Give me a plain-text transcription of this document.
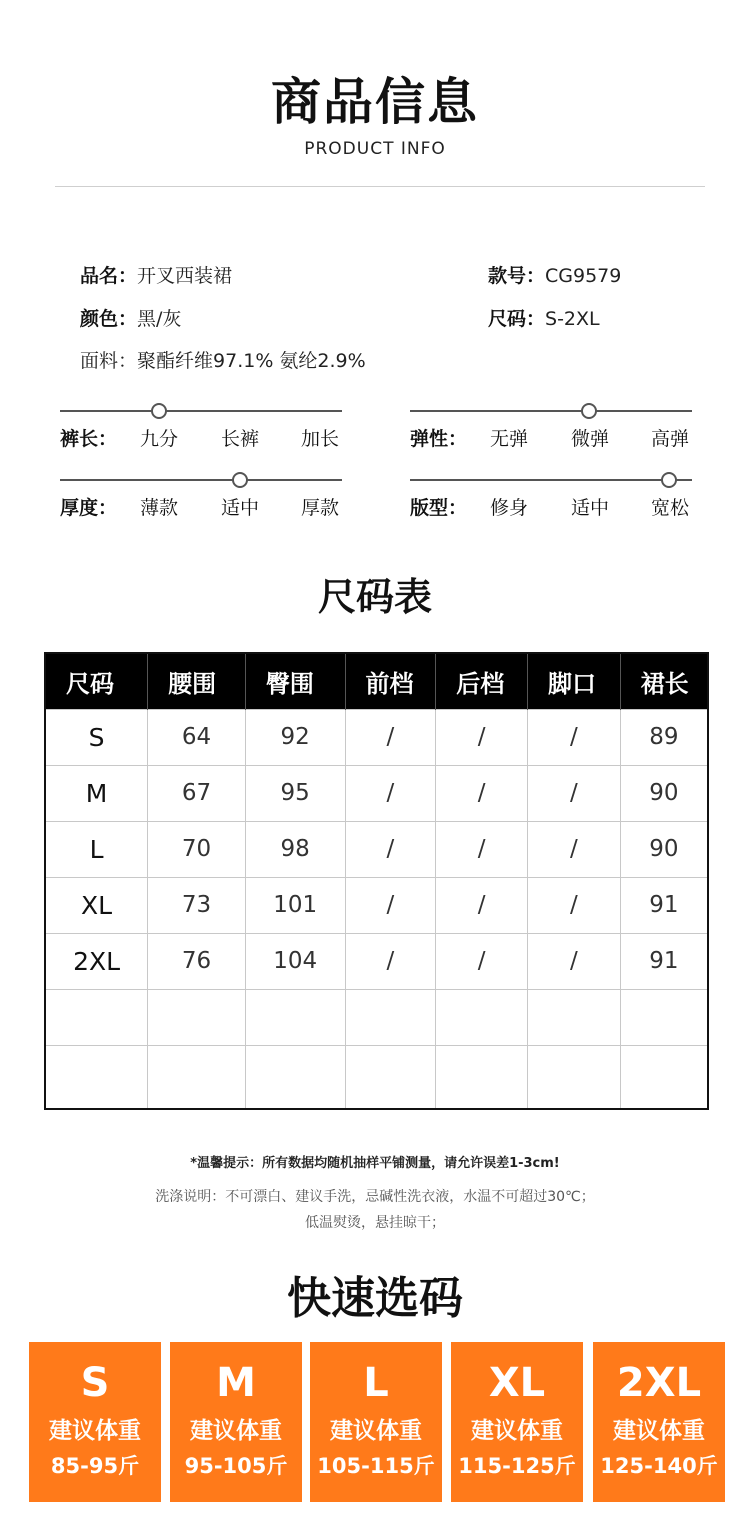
商品信息
PRODUCT INFO
品名：开叉西装裙	款号：CG9579
颜色：黑/灰	尺码：S-2XL
面料：聚酯纤维97.1% 氨纶2.9%
裤长： 九分 长裤 加长	弹性： 无弹 微弹 高弹
厚度： 薄款 适中 厚款	版型： 修身 适中 宽松
尺码表
尺码	腰围	臀围	前档	后档	脚口	裙长
S	64	92	/	/	/	89
M	67	95	/	/	/	90
L	70	98	/	/	/	90
XL	73	101	/	/	/	91
2XL	76	104	/	/	/	91

*温馨提示：所有数据均随机抽样平铺测量，请允许误差1-3cm!
洗涤说明：不可漂白、建议手洗，忌碱性洗衣液，水温不可超过30℃；
低温熨烫，悬挂晾干；
快速选码
S
建议体重
85-95斤
M
建议体重
95-105斤
L
建议体重
105-115斤
XL
建议体重
115-125斤
2XL
建议体重
125-140斤
